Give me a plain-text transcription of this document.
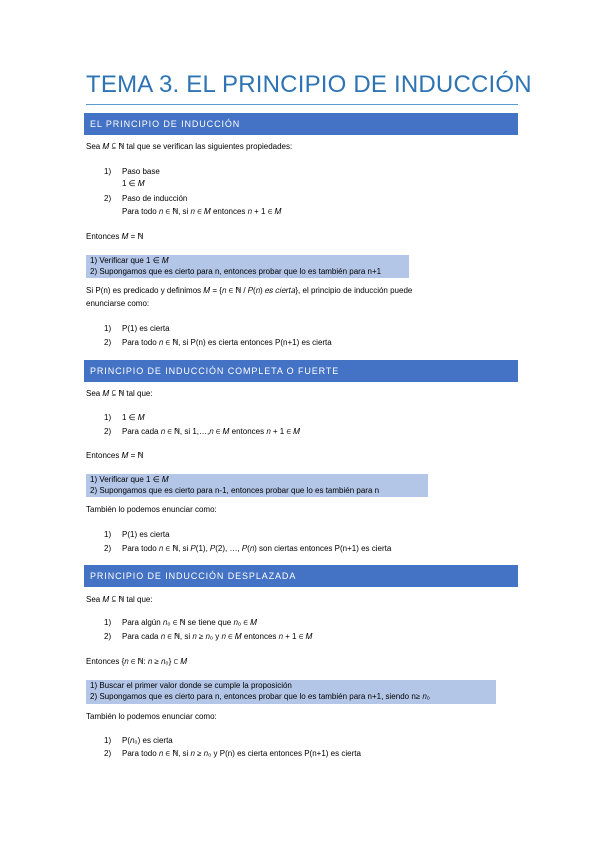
TEMA 3. EL PRINCIPIO DE INDUCCIÓN
EL PRINCIPIO DE INDUCCIÓN
Sea 𝑀 ⊆ ℕ tal que se verifican las siguientes propiedades:
1) Paso base
1 ∈ 𝑀
2) Paso de inducción
Para todo 𝑛 ∈ ℕ, si 𝑛 ∈ 𝑀 entonces 𝑛 + 1 ∈ 𝑀
Entonces 𝑀 = ℕ
1) Verificar que 1 ∈ 𝑀
2) Supongamos que es cierto para n, entonces probar que lo es también para n+1
Si P(n) es predicado y definimos 𝑀 = {𝑛 ∈ ℕ / 𝑃(𝑛) 𝑒𝑠 𝑐𝑖𝑒𝑟𝑡𝑎}, el principio de inducción puede
enunciarse como:
1) P(1) es cierta
2) Para todo 𝑛 ∈ ℕ, si P(n) es cierta entonces P(n+1) es cierta
PRINCIPIO DE INDUCCIÓN COMPLETA O FUERTE
Sea 𝑀 ⊆ ℕ tal que:
1) 1 ∈ 𝑀
2) Para cada 𝑛 ∈ ℕ, si 1,…,𝑛 ∈ 𝑀 entonces 𝑛 + 1 ∈ 𝑀
Entonces 𝑀 = ℕ
1) Verificar que 1 ∈ 𝑀
2) Supongamos que es cierto para n-1, entonces probar que lo es también para n
También lo podemos enunciar como:
1) P(1) es cierta
2) Para todo 𝑛 ∈ ℕ, si 𝑃(1), 𝑃(2), …, 𝑃(𝑛) son ciertas entonces P(n+1) es cierta
PRINCIPIO DE INDUCCIÓN DESPLAZADA
Sea 𝑀 ⊆ ℕ tal que:
1) Para algún 𝑛₀ ∈ ℕ se tiene que 𝑛₀ ∈ 𝑀
2) Para cada 𝑛 ∈ ℕ, si 𝑛 ≥ 𝑛₀ y 𝑛 ∈ 𝑀 entonces 𝑛 + 1 ∈ 𝑀
Entonces {𝑛 ∈ ℕ: 𝑛 ≥ 𝑛₀} ⊂ 𝑀
1) Buscar el primer valor donde se cumple la proposición
2) Supongamos que es cierto para n, entonces probar que lo es también para n+1, siendo n≥ 𝑛₀
También lo podemos enunciar como:
1) P(𝑛₀) es cierta
2) Para todo 𝑛 ∈ ℕ, si 𝑛 ≥ 𝑛₀ y P(n) es cierta entonces P(n+1) es cierta
